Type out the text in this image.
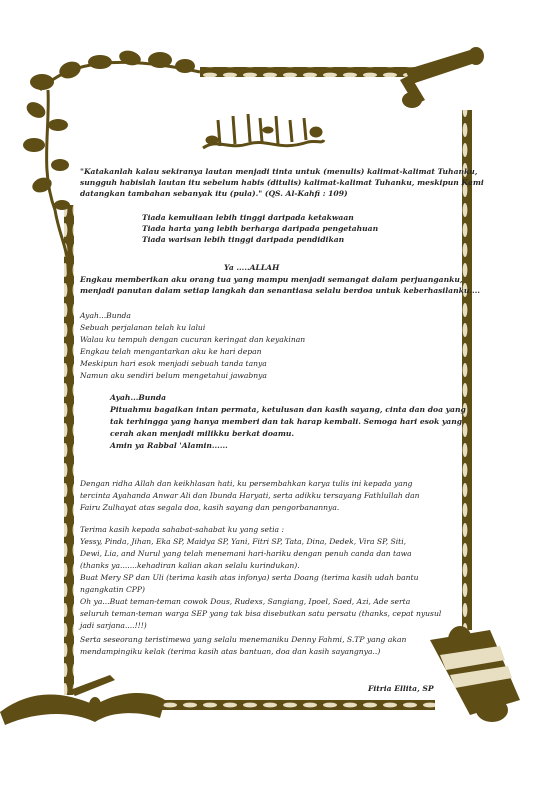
"Katakanlah kalau sekiranya lautan menjadi tinta untuk (menulis) kalimat-kalimat Tuhanku,
sungguh habislah lautan itu sebelum habis (ditulis) kalimat-kalimat Tuhanku, meskipun Kami
datangkan tambahan sebanyak itu (pula)." (QS. Al-Kahfi : 109)
Tiada kemuliaan lebih tinggi daripada ketakwaan
Tiada harta yang lebih berharga daripada pengetahuan
Tiada warisan lebih tinggi daripada pendidikan
Ya .....ALLAH
Engkau memberikan aku orang tua yang mampu menjadi semangat dalam perjuanganku,
menjadi panutan dalam setiap langkah dan senantiasa selalu berdoa untuk keberhasilanku....
Ayah...Bunda
Sebuah perjalanan telah ku lalui
Walau ku tempuh dengan cucuran keringat dan keyakinan
Engkau telah mengantarkan aku ke hari depan
Meskipun hari esok menjadi sebuah tanda tanya
Namun aku sendiri belum mengetahui jawabnya
Ayah...Bunda
Pituahmu bagaikan intan permata, ketulusan dan kasih sayang, cinta dan doa yang
tak terhingga yang hanya memberi dan tak harap kembali. Semoga hari esok yang
cerah akan menjadi milikku berkat doamu.
Amin ya Rabbal 'Alamin......
Dengan ridha Allah dan keikhlasan hati, ku persembahkan karya tulis ini kepada yang
tercinta Ayahanda Anwar Ali dan Ibunda Haryati, serta adikku tersayang Fathlullah dan
Fairu Zulhayat atas segala doa, kasih sayang dan pengorbanannya.
Terima kasih kepada sahabat-sahabat ku yang setia :
Yessy, Pinda, Jihan, Eka SP, Maidya SP, Yani, Fitri SP, Tata, Dina, Dedek, Vira SP, Siti,
Dewi, Lia, and Nurul yang telah menemani hari-hariku dengan penuh canda dan tawa
(thanks ya.......kehadiran kalian akan selalu kurindukan).
Buat Mery SP dan Uli (terima kasih atas infonya) serta Doang (terima kasih udah bantu
ngangkatin CPP)
Oh ya...Buat teman-teman cowok Dous, Rudexs, Sangiang, Ipoel, Saed, Azi, Ade serta
seluruh teman-teman warga SEP yang tak bisa disebutkan satu persatu (thanks, cepat nyusul
jadi sarjana....!!!)
Serta seseorang teristimewa yang selalu menemaniku Denny Fahmi, S.TP yang akan
mendampingiku kelak (terima kasih atas bantuan, doa dan kasih sayangnya..)
Fitria Ellita, SP
